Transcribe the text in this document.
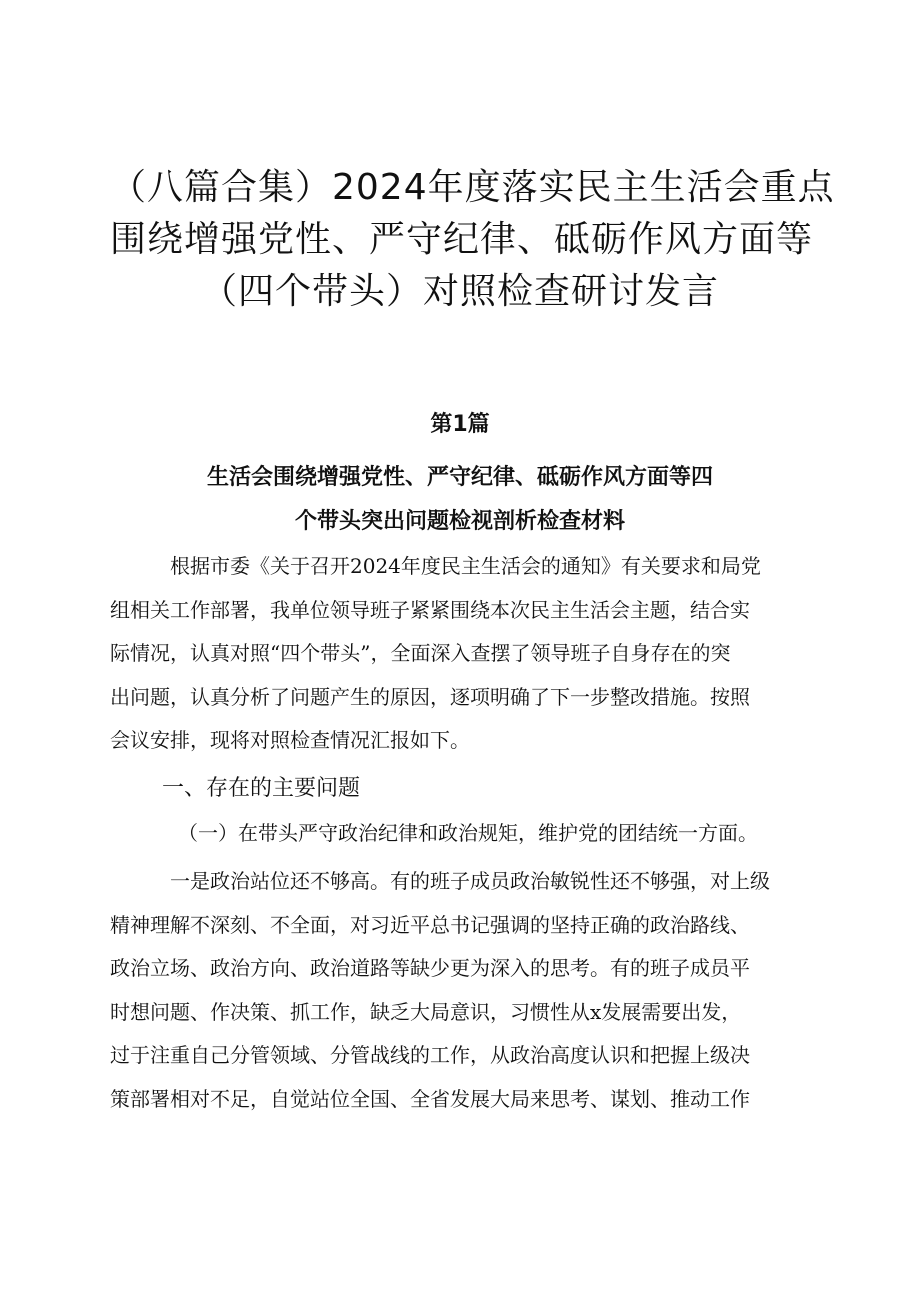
（八篇合集）2024年度落实民主生活会重点
围绕增强党性、严守纪律、砥砺作风方面等
（四个带头）对照检查研讨发言
第1篇
生活会围绕增强党性、严守纪律、砥砺作风方面等四
个带头突出问题检视剖析检查材料
根据市委《关于召开2024年度民主生活会的通知》有关要求和局党
组相关工作部署，我单位领导班子紧紧围绕本次民主生活会主题，结合实
际情况，认真对照“四个带头”，全面深入查摆了领导班子自身存在的突
出问题，认真分析了问题产生的原因，逐项明确了下一步整改措施。按照
会议安排，现将对照检查情况汇报如下。
一、存在的主要问题
（一）在带头严守政治纪律和政治规矩，维护党的团结统一方面。
一是政治站位还不够高。有的班子成员政治敏锐性还不够强，对上级
精神理解不深刻、不全面，对习近平总书记强调的坚持正确的政治路线、
政治立场、政治方向、政治道路等缺少更为深入的思考。有的班子成员平
时想问题、作决策、抓工作，缺乏大局意识，习惯性从x发展需要出发，
过于注重自己分管领域、分管战线的工作，从政治高度认识和把握上级决
策部署相对不足，自觉站位全国、全省发展大局来思考、谋划、推动工作
